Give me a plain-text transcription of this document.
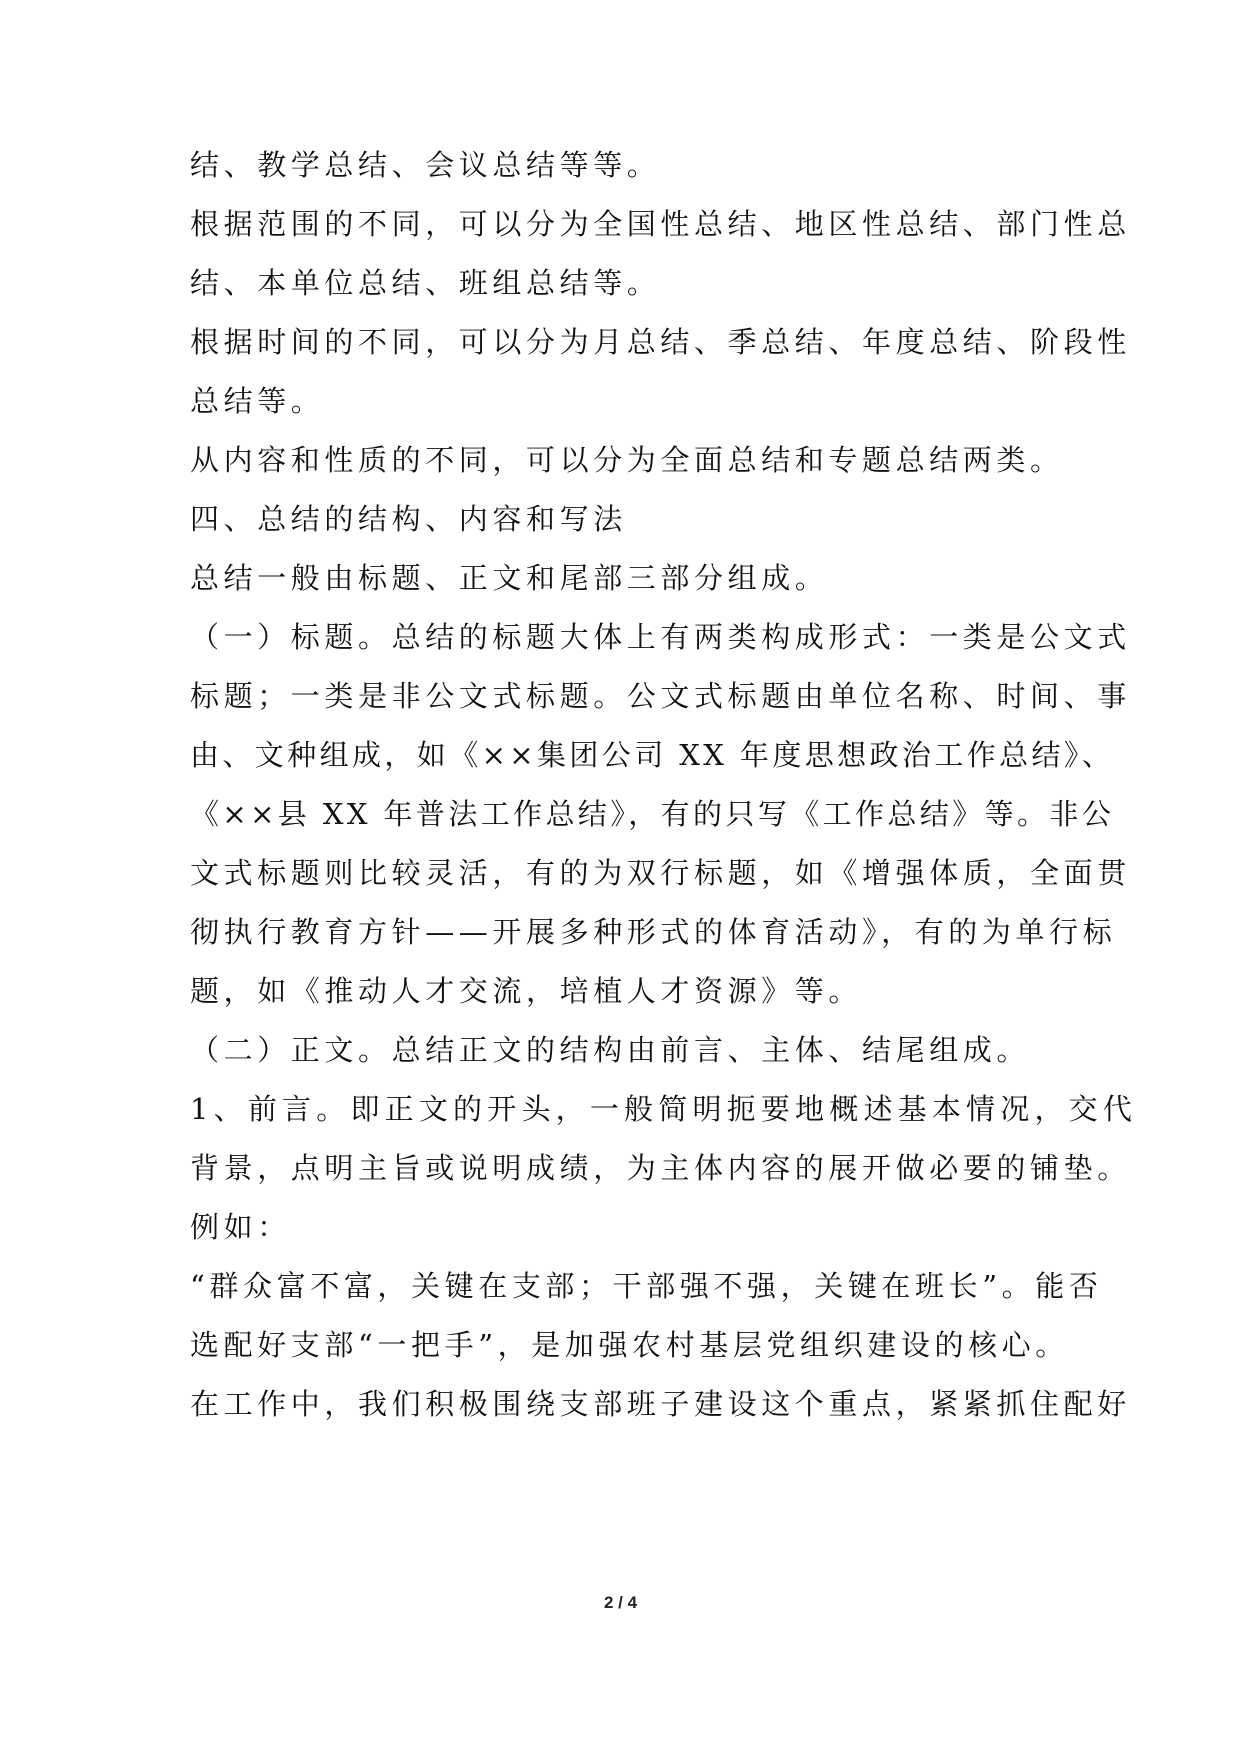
结、教学总结、会议总结等等。
根据范围的不同，可以分为全国性总结、地区性总结、部门性总
结、本单位总结、班组总结等。
根据时间的不同，可以分为月总结、季总结、年度总结、阶段性
总结等。
从内容和性质的不同，可以分为全面总结和专题总结两类。
四、总结的结构、内容和写法
总结一般由标题、正文和尾部三部分组成。
（一）标题。总结的标题大体上有两类构成形式：一类是公文式
标题；一类是非公文式标题。公文式标题由单位名称、时间、事
由、文种组成，如《××集团公司 XX 年度思想政治工作总结》、
《××县 XX 年普法工作总结》，有的只写《工作总结》等。非公
文式标题则比较灵活，有的为双行标题，如《增强体质，全面贯
彻执行教育方针——开展多种形式的体育活动》，有的为单行标
题，如《推动人才交流，培植人才资源》等。
（二）正文。总结正文的结构由前言、主体、结尾组成。
1、前言。即正文的开头，一般简明扼要地概述基本情况，交代
背景，点明主旨或说明成绩，为主体内容的展开做必要的铺垫。
例如：
“群众富不富，关键在支部；干部强不强，关键在班长”。能否
选配好支部“一把手”，是加强农村基层党组织建设的核心。
在工作中，我们积极围绕支部班子建设这个重点，紧紧抓住配好
2 / 4
